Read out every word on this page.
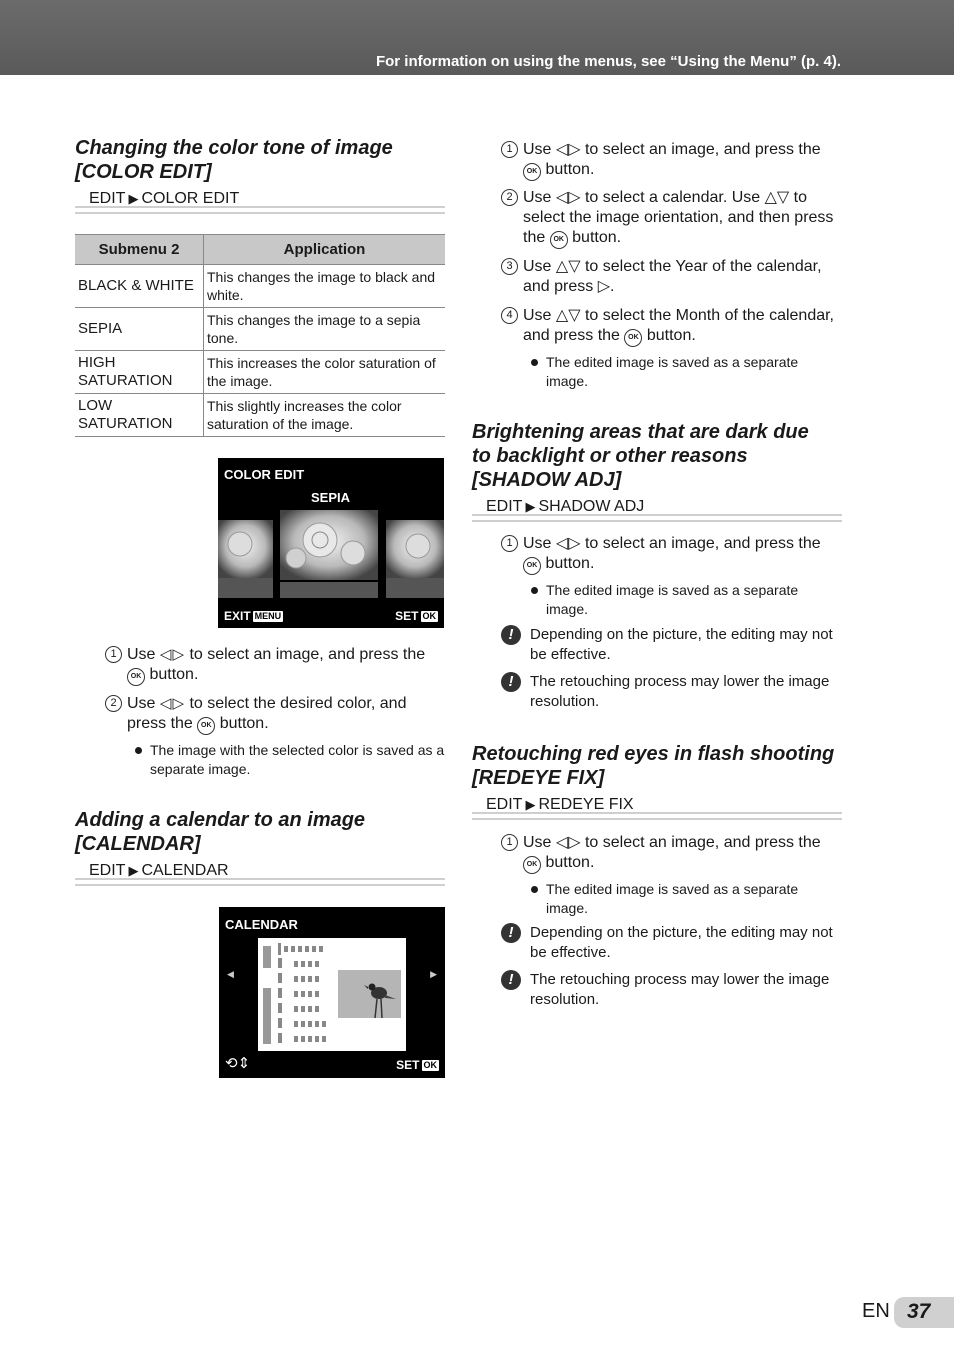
For information on using the menus, see “Using the Menu” (p. 4).
Changing the color tone of image [COLOR EDIT]
EDIT ▶ COLOR EDIT
Submenu 2	Application
BLACK & WHITE	This changes the image to black and white.
SEPIA	This changes the image to a sepia tone.
HIGH SATURATION	This increases the color saturation of the image.
LOW SATURATION	This slightly increases the color saturation of the image.
COLOR EDIT
SEPIA
EXIT MENU	SET OK
1 Use ◁▷ to select an image, and press the OK button.
2 Use ◁▷ to select the desired color, and press the OK button.
The image with the selected color is saved as a separate image.
Adding a calendar to an image [CALENDAR]
EDIT ▶ CALENDAR
CALENDAR
◀	▶
⟲⇕	SET OK
1 Use ◁▷ to select an image, and press the OK button.
2 Use ◁▷ to select a calendar. Use △▽ to select the image orientation, and then press the OK button.
3 Use △▽ to select the Year of the calendar, and press ▷.
4 Use △▽ to select the Month of the calendar, and press the OK button.
The edited image is saved as a separate image.
Brightening areas that are dark due to backlight or other reasons [SHADOW ADJ]
EDIT ▶ SHADOW ADJ
1 Use ◁▷ to select an image, and press the OK button.
The edited image is saved as a separate image.
!	Depending on the picture, the editing may not be effective.
!	The retouching process may lower the image resolution.
Retouching red eyes in flash shooting [REDEYE FIX]
EDIT ▶ REDEYE FIX
1 Use ◁▷ to select an image, and press the OK button.
The edited image is saved as a separate image.
!	Depending on the picture, the editing may not be effective.
!	The retouching process may lower the image resolution.
EN 37
